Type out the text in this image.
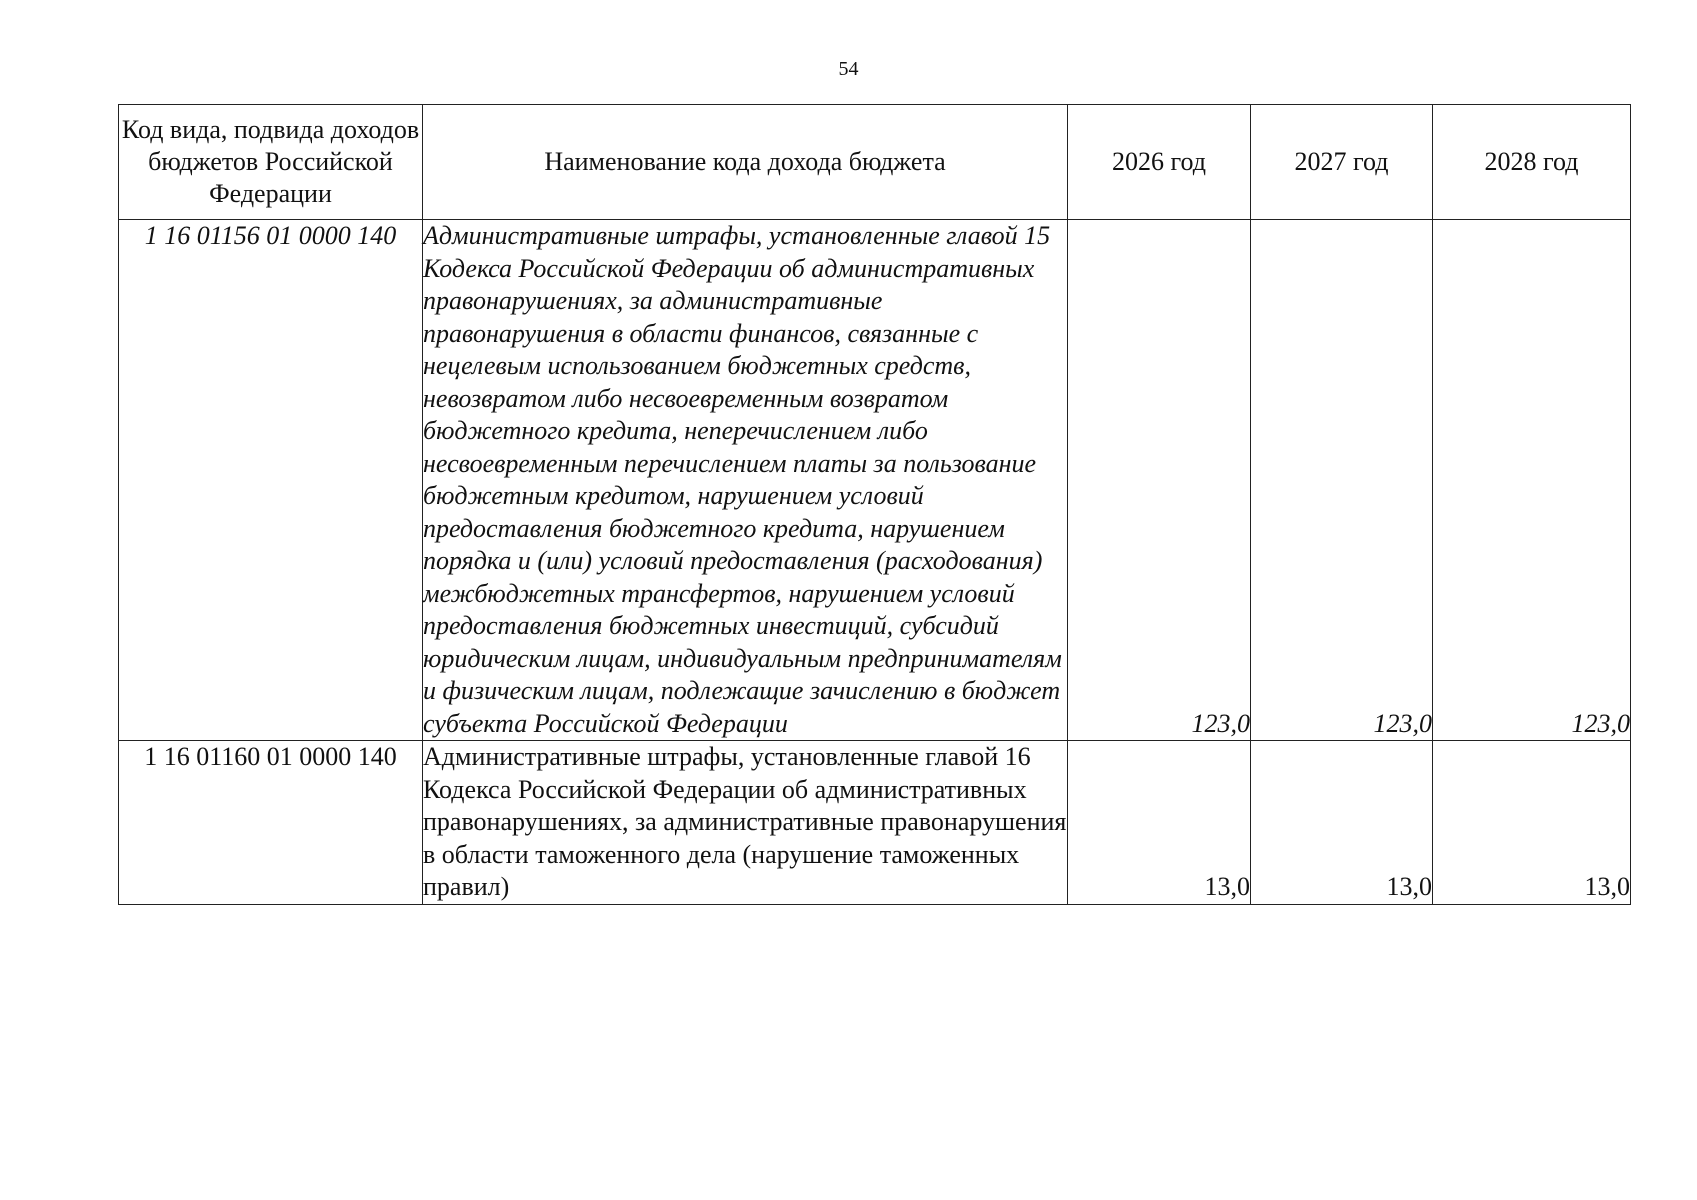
54
Код вида, подвида доходов бюджетов Российской Федерации	Наименование кода дохода бюджета	2026 год	2027 год	2028 год
1 16 01156 01 0000 140	Административные штрафы, установленные главой 15 Кодекса Российской Федерации об административных правонарушениях, за административные правонарушения в области финансов, связанные с нецелевым использованием бюджетных средств, невозвратом либо несвоевременным возвратом бюджетного кредита, неперечислением либо несвоевременным перечислением платы за пользование бюджетным кредитом, нарушением условий предоставления бюджетного кредита, нарушением порядка и (или) условий предоставления (расходования) межбюджетных трансфертов, нарушением условий предоставления бюджетных инвестиций, субсидий юридическим лицам, индивидуальным предпринимателям и физическим лицам, подлежащие зачислению в бюджет субъекта Российской Федерации	123,0	123,0	123,0
1 16 01160 01 0000 140	Административные штрафы, установленные главой 16 Кодекса Российской Федерации об административных правонарушениях, за административные правонарушения в области таможенного дела (нарушение таможенных правил)	13,0	13,0	13,0
